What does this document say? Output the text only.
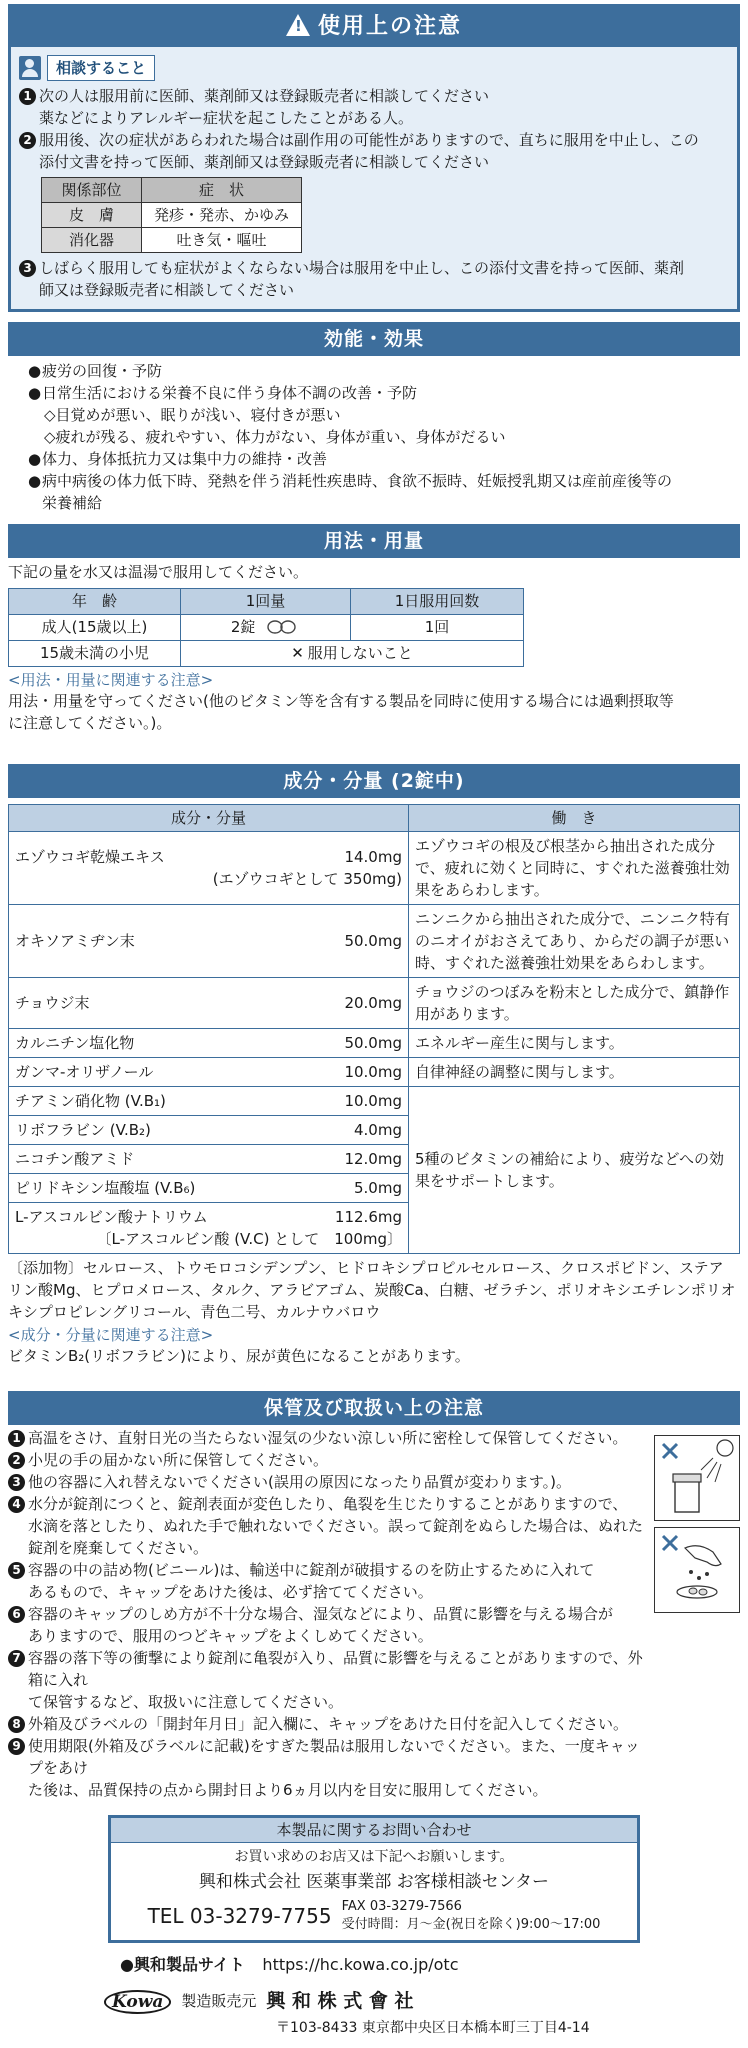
!使用上の注意
相談すること
1 次の人は服用前に医師、薬剤師又は登録販売者に相談してください
薬などによりアレルギー症状を起こしたことがある人。
2 服用後、次の症状があらわれた場合は副作用の可能性がありますので、直ちに服用を中止し、この
添付文書を持って医師、薬剤師又は登録販売者に相談してください
関係部位	症　状
皮　膚	発疹・発赤、かゆみ
消化器	吐き気・嘔吐
3 しばらく服用しても症状がよくならない場合は服用を中止し、この添付文書を持って医師、薬剤
師又は登録販売者に相談してください
効能・効果
● 疲労の回復・予防
● 日常生活における栄養不良に伴う身体不調の改善・予防
◇目覚めが悪い、眠りが浅い、寝付きが悪い
◇疲れが残る、疲れやすい、体力がない、身体が重い、身体がだるい
● 体力、身体抵抗力又は集中力の維持・改善
● 病中病後の体力低下時、発熱を伴う消耗性疾患時、食欲不振時、妊娠授乳期又は産前産後等の
栄養補給
用法・用量
下記の量を水又は温湯で服用してください。
年　齢	1回量	1日服用回数
成人(15歳以上)	2錠	1回
15歳未満の小児	✕ 服用しないこと	
<用法・用量に関連する注意>
用法・用量を守ってください(他のビタミン等を含有する製品を同時に使用する場合には過剰摂取等
に注意してください。)。
成分・分量 (2錠中)
成分・分量	働　き

エゾウコギ乾燥エキス 14.0mg
(エゾウコギとして 350mg)	エゾウコギの根及び根茎から抽出された成分で、疲れに効くと同時に、すぐれた滋養強壮効果をあらわします。

オキソアミヂン末 50.0mg	ニンニクから抽出された成分で、ニンニク特有のニオイがおさえてあり、からだの調子が悪い時、すぐれた滋養強壮効果をあらわします。

チョウジ末 20.0mg	チョウジのつぼみを粉末とした成分で、鎮静作用があります。

カルニチン塩化物 50.0mg	エネルギー産生に関与します。

ガンマ-オリザノール 10.0mg	自律神経の調整に関与します。

チアミン硝化物 (V.B₁) 10.0mg	5種のビタミンの補給により、疲労などへの効果をサポートします。

リボフラビン (V.B₂) 4.0mg	

ニコチン酸アミド 12.0mg	

ピリドキシン塩酸塩 (V.B₆) 5.0mg	

L-アスコルビン酸ナトリウム 112.6mg
〔L-アスコルビン酸 (V.C) として　100mg〕	
〔添加物〕セルロース、トウモロコシデンプン、ヒドロキシプロピルセルロース、クロスポビドン、ステア
リン酸Mg、ヒプロメロース、タルク、アラビアゴム、炭酸Ca、白糖、ゼラチン、ポリオキシエチレンポリオ
キシプロピレングリコール、青色二号、カルナウバロウ
<成分・分量に関連する注意>
ビタミンB₂(リボフラビン)により、尿が黄色になることがあります。
保管及び取扱い上の注意
1 高温をさけ、直射日光の当たらない湿気の少ない涼しい所に密栓して保管してください。
2 小児の手の届かない所に保管してください。
3 他の容器に入れ替えないでください(誤用の原因になったり品質が変わります。)。
4 水分が錠剤につくと、錠剤表面が変色したり、亀裂を生じたりすることがありますので、
水滴を落としたり、ぬれた手で触れないでください。誤って錠剤をぬらした場合は、ぬれた
錠剤を廃棄してください。
5 容器の中の詰め物(ビニール)は、輸送中に錠剤が破損するのを防止するために入れて
あるもので、キャップをあけた後は、必ず捨ててください。
6 容器のキャップのしめ方が不十分な場合、湿気などにより、品質に影響を与える場合が
ありますので、服用のつどキャップをよくしめてください。
7 容器の落下等の衝撃により錠剤に亀裂が入り、品質に影響を与えることがありますので、外箱に入れ
て保管するなど、取扱いに注意してください。
8 外箱及びラベルの「開封年月日」記入欄に、キャップをあけた日付を記入してください。
9 使用期限(外箱及びラベルに記載)をすぎた製品は服用しないでください。また、一度キャップをあけ
た後は、品質保持の点から開封日より6ヵ月以内を目安に服用してください。
本製品に関するお問い合わせ
お買い求めのお店又は下記へお願いします。
興和株式会社 医薬事業部 お客様相談センター
TEL 03-3279-7755 FAX 03-3279-7566
受付時間：月～金(祝日を除く)9:00～17:00
●興和製品サイト https://hc.kowa.co.jp/otc
Kowa	製造販売元 興 和 株 式 會 社
〒103-8433 東京都中央区日本橋本町三丁目4-14
